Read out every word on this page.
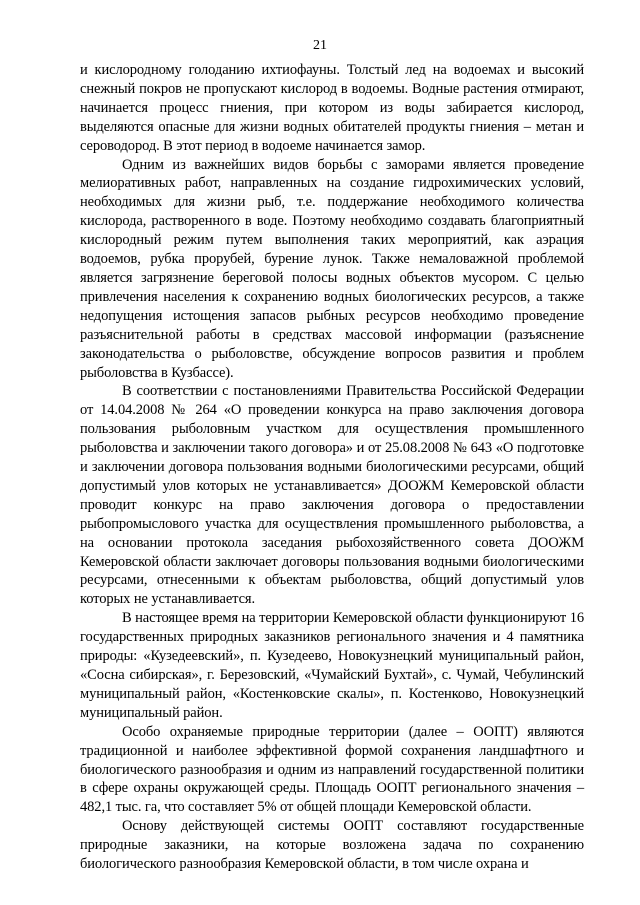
21

и кислородному голоданию ихтиофауны. Толстый лед на водоемах и высокий снежный покров не пропускают кислород в водоемы. Водные растения отмирают, начинается процесс гниения, при котором из воды забирается кислород, выделяются опасные для жизни водных обитателей продукты гниения – метан и сероводород. В этот период в водоеме начинается замор.

Одним из важнейших видов борьбы с заморами является проведение мелиоративных работ, направленных на создание гидрохимических условий, необходимых для жизни рыб, т.е. поддержание необходимого количества кислорода, растворенного в воде. Поэтому необходимо создавать благоприятный кислородный режим путем выполнения таких мероприятий, как аэрация водоемов, рубка прорубей, бурение лунок. Также немаловажной проблемой является загрязнение береговой полосы водных объектов мусором. С целью привлечения населения к сохранению водных биологических ресурсов, а также недопущения истощения запасов рыбных ресурсов необходимо проведение разъяснительной работы в средствах массовой информации (разъяснение законодательства о рыболовстве, обсуждение вопросов развития и проблем рыболовства в Кузбассе).

В соответствии с постановлениями Правительства Российской Федерации от 14.04.2008 № 264 «О проведении конкурса на право заключения договора пользования рыболовным участком для осуществления промышленного рыболовства и заключении такого договора» и от 25.08.2008 № 643 «О подготовке и заключении договора пользования водными биологическими ресурсами, общий допустимый улов которых не устанавливается» ДООЖМ Кемеровской области проводит конкурс на право заключения договора о предоставлении рыбопромыслового участка для осуществления промышленного рыболовства, а на основании протокола заседания рыбохозяйственного совета ДООЖМ Кемеровской области заключает договоры пользования водными биологическими ресурсами, отнесенными к объектам рыболовства, общий допустимый улов которых не устанавливается.

В настоящее время на территории Кемеровской области функционируют 16 государственных природных заказников регионального значения и 4 памятника природы: «Кузедеевский», п. Кузедеево, Новокузнецкий муниципальный район, «Сосна сибирская», г. Березовский, «Чумайский Бухтай», с. Чумай, Чебулинский муниципальный район, «Костенковские скалы», п. Костенково, Новокузнецкий муниципальный район.

Особо охраняемые природные территории (далее – ООПТ) являются традиционной и наиболее эффективной формой сохранения ландшафтного и биологического разнообразия и одним из направлений государственной политики в сфере охраны окружающей среды. Площадь ООПТ регионального значения – 482,1 тыс. га, что составляет 5% от общей площади Кемеровской области.

Основу действующей системы ООПТ составляют государственные природные заказники, на которые возложена задача по сохранению биологического разнообразия Кемеровской области, в том числе охрана и
